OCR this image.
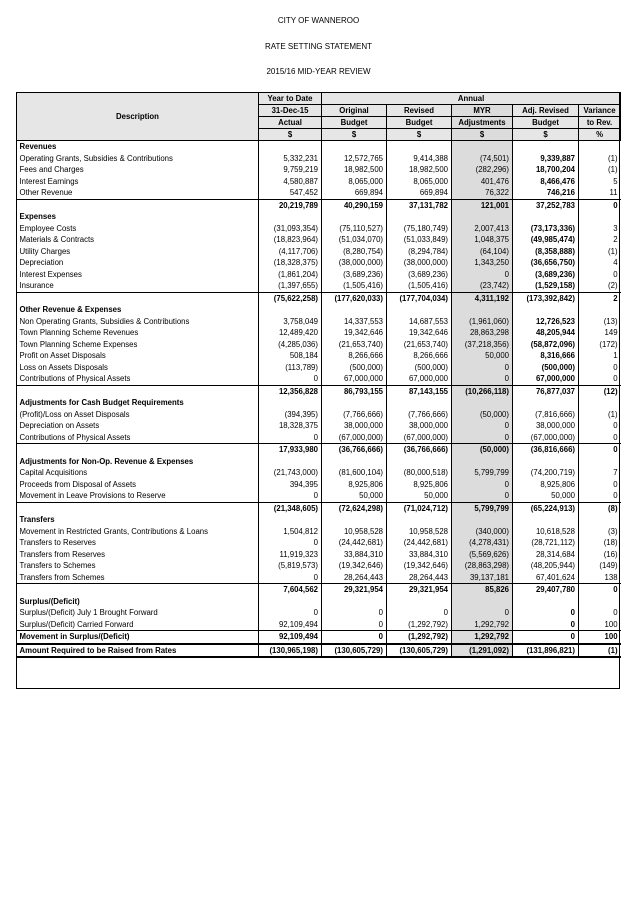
CITY OF WANNEROO
RATE SETTING STATEMENT
2015/16 MID-YEAR REVIEW
Description	Year to Date	Annual				
	31-Dec-15	Original	Revised	MYR	Adj. Revised	Variance
	Actual	Budget	Budget	Adjustments	Budget	to Rev.
	$	$	$	$	$	%
Revenues						
Operating Grants, Subsidies & Contributions	5,332,231	12,572,765	9,414,388	(74,501)	9,339,887	(1)
Fees and Charges	9,759,219	18,982,500	18,982,500	(282,296)	18,700,204	(1)
Interest Earnings	4,580,887	8,065,000	8,065,000	401,476	8,466,476	5
Other Revenue	547,452	669,894	669,894	76,322	746,216	11
	20,219,789	40,290,159	37,131,782	121,001	37,252,783	0
Expenses						
Employee Costs	(31,093,354)	(75,110,527)	(75,180,749)	2,007,413	(73,173,336)	3
Materials & Contracts	(18,823,964)	(51,034,070)	(51,033,849)	1,048,375	(49,985,474)	2
Utility Charges	(4,117,706)	(8,280,754)	(8,294,784)	(64,104)	(8,358,888)	(1)
Depreciation	(18,328,375)	(38,000,000)	(38,000,000)	1,343,250	(36,656,750)	4
Interest Expenses	(1,861,204)	(3,689,236)	(3,689,236)	0	(3,689,236)	0
Insurance	(1,397,655)	(1,505,416)	(1,505,416)	(23,742)	(1,529,158)	(2)
	(75,622,258)	(177,620,033)	(177,704,034)	4,311,192	(173,392,842)	2
Other Revenue & Expenses						
Non Operating Grants, Subsidies & Contributions	3,758,049	14,337,553	14,687,553	(1,961,060)	12,726,523	(13)
Town Planning Scheme Revenues	12,489,420	19,342,646	19,342,646	28,863,298	48,205,944	149
Town Planning Scheme Expenses	(4,285,036)	(21,653,740)	(21,653,740)	(37,218,356)	(58,872,096)	(172)
Profit on Asset Disposals	508,184	8,266,666	8,266,666	50,000	8,316,666	1
Loss on Assets Disposals	(113,789)	(500,000)	(500,000)	0	(500,000)	0
Contributions of Physical Assets	0	67,000,000	67,000,000	0	67,000,000	0
	12,356,828	86,793,155	87,143,155	(10,266,118)	76,877,037	(12)
Adjustments for Cash Budget Requirements						
(Profit)/Loss on Asset Disposals	(394,395)	(7,766,666)	(7,766,666)	(50,000)	(7,816,666)	(1)
Depreciation on Assets	18,328,375	38,000,000	38,000,000	0	38,000,000	0
Contributions of Physical Assets	0	(67,000,000)	(67,000,000)	0	(67,000,000)	0
	17,933,980	(36,766,666)	(36,766,666)	(50,000)	(36,816,666)	0
Adjustments for Non-Op. Revenue & Expenses						
Capital Acquisitions	(21,743,000)	(81,600,104)	(80,000,518)	5,799,799	(74,200,719)	7
Proceeds from Disposal of Assets	394,395	8,925,806	8,925,806	0	8,925,806	0
Movement in Leave Provisions to Reserve	0	50,000	50,000	0	50,000	0
	(21,348,605)	(72,624,298)	(71,024,712)	5,799,799	(65,224,913)	(8)
Transfers						
Movement in Restricted Grants, Contributions & Loans	1,504,812	10,958,528	10,958,528	(340,000)	10,618,528	(3)
Transfers to Reserves	0	(24,442,681)	(24,442,681)	(4,278,431)	(28,721,112)	(18)
Transfers from Reserves	11,919,323	33,884,310	33,884,310	(5,569,626)	28,314,684	(16)
Transfers to Schemes	(5,819,573)	(19,342,646)	(19,342,646)	(28,863,298)	(48,205,944)	(149)
Transfers from Schemes	0	28,264,443	28,264,443	39,137,181	67,401,624	138
	7,604,562	29,321,954	29,321,954	85,826	29,407,780	0
Surplus/(Deficit)						
Surplus/(Deficit) July 1 Brought Forward	0	0	0	0	0	0
Surplus/(Deficit) Carried Forward	92,109,494	0	(1,292,792)	1,292,792	0	100
Movement in Surplus/(Deficit)	92,109,494	0	(1,292,792)	1,292,792	0	100
Amount Required to be Raised from Rates	(130,965,198)	(130,605,729)	(130,605,729)	(1,291,092)	(131,896,821)	(1)
